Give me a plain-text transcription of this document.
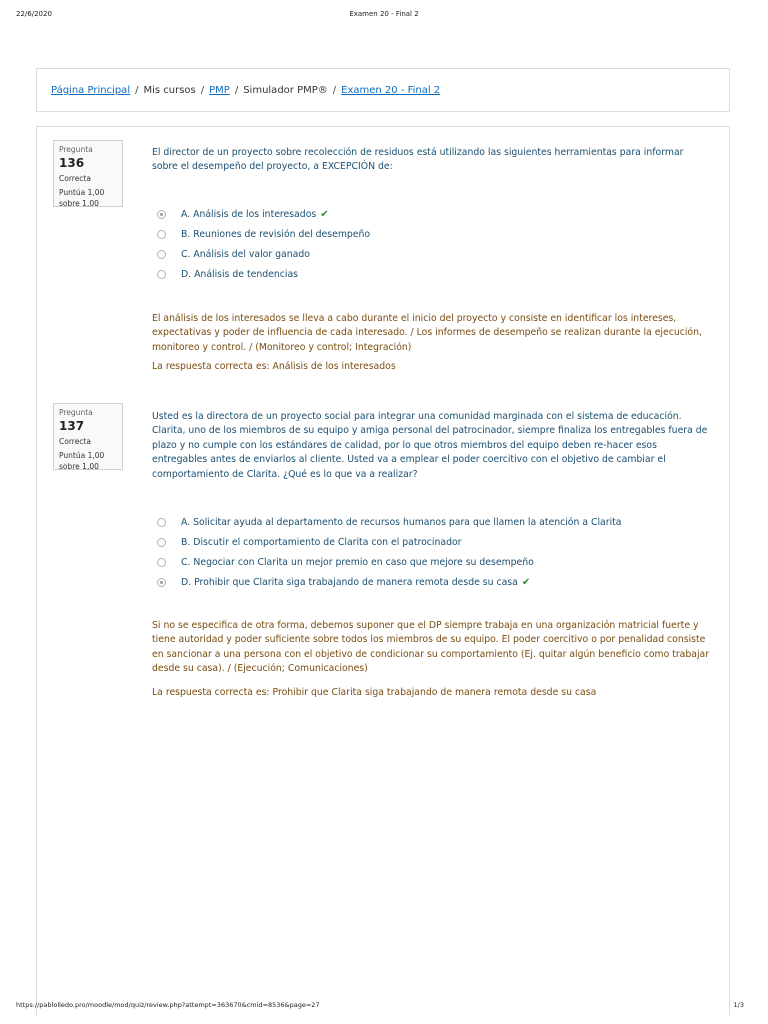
22/6/2020	Examen 20 - Final 2
Página Principal / Mis cursos / PMP / Simulador PMP® / Examen 20 - Final 2
Pregunta 136
Correcta
Puntúa 1,00 sobre 1,00
El director de un proyecto sobre recolección de residuos está utilizando las siguientes herramientas para informar sobre el desempeño del proyecto, a EXCEPCIÓN de:
A. Análisis de los interesados ✔
B. Reuniones de revisión del desempeño
C. Análisis del valor ganado
D. Análisis de tendencias
El análisis de los interesados se lleva a cabo durante el inicio del proyecto y consiste en identificar los intereses, expectativas y poder de influencia de cada interesado. / Los informes de desempeño se realizan durante la ejecución, monitoreo y control. / (Monitoreo y control; Integración)
La respuesta correcta es: Análisis de los interesados
Pregunta 137
Correcta
Puntúa 1,00 sobre 1,00
Usted es la directora de un proyecto social para integrar una comunidad marginada con el sistema de educación. Clarita, uno de los miembros de su equipo y amiga personal del patrocinador, siempre finaliza los entregables fuera de plazo y no cumple con los estándares de calidad, por lo que otros miembros del equipo deben re-hacer esos entregables antes de enviarlos al cliente. Usted va a emplear el poder coercitivo con el objetivo de cambiar el comportamiento de Clarita. ¿Qué es lo que va a realizar?
A. Solicitar ayuda al departamento de recursos humanos para que llamen la atención a Clarita
B. Discutir el comportamiento de Clarita con el patrocinador
C. Negociar con Clarita un mejor premio en caso que mejore su desempeño
D. Prohibir que Clarita siga trabajando de manera remota desde su casa ✔
Si no se especifica de otra forma, debemos suponer que el DP siempre trabaja en una organización matricial fuerte y tiene autoridad y poder suficiente sobre todos los miembros de su equipo. El poder coercitivo o por penalidad consiste en sancionar a una persona con el objetivo de condicionar su comportamiento (Ej. quitar algún beneficio como trabajar desde su casa). / (Ejecución; Comunicaciones)
La respuesta correcta es: Prohibir que Clarita siga trabajando de manera remota desde su casa
https://pablolledo.pro/moodle/mod/quiz/review.php?attempt=363670&cmid=8536&page=27	1/3
